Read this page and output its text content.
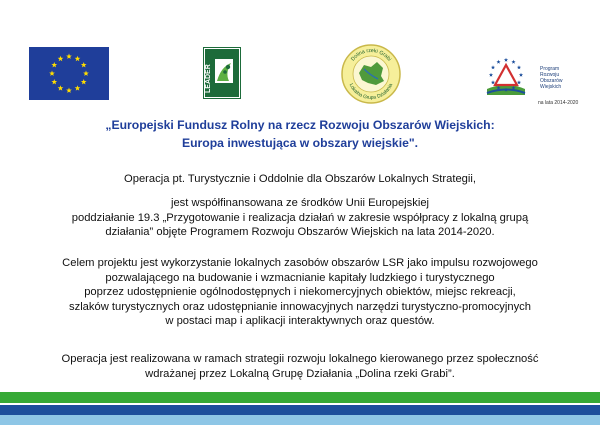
LEADER
Dolina rzeki Grabi
Lokalna Grupa Działania
Program
Rozwoju
Obszarów
Wiejskich
na lata 2014-2020
„Europejski Fundusz Rolny na rzecz Rozwoju Obszarów Wiejskich:
Europa inwestująca w obszary wiejskie".
Operacja pt. Turystycznie i Oddolnie dla Obszarów Lokalnych Strategii,
jest współfinansowana ze środków Unii Europejskiej
poddziałanie 19.3 „Przygotowanie i realizacja działań w zakresie współpracy z lokalną grupą
działania” objęte Programem Rozwoju Obszarów Wiejskich na lata 2014-2020.
Celem projektu jest wykorzystanie lokalnych zasobów obszarów LSR jako impulsu rozwojowego
pozwalającego na budowanie i wzmacnianie kapitały ludzkiego i turystycznego
poprzez udostępnienie ogólnodostępnych i niekomercyjnych obiektów, miejsc rekreacji,
szlaków turystycznych oraz udostępnianie innowacyjnych narzędzi turystyczno-promocyjnych
w postaci map i aplikacji interaktywnych oraz questów.
Operacja jest realizowana w ramach strategii rozwoju lokalnego kierowanego przez społeczność
wdrażanej przez Lokalną Grupę Działania „Dolina rzeki Grabi”.
